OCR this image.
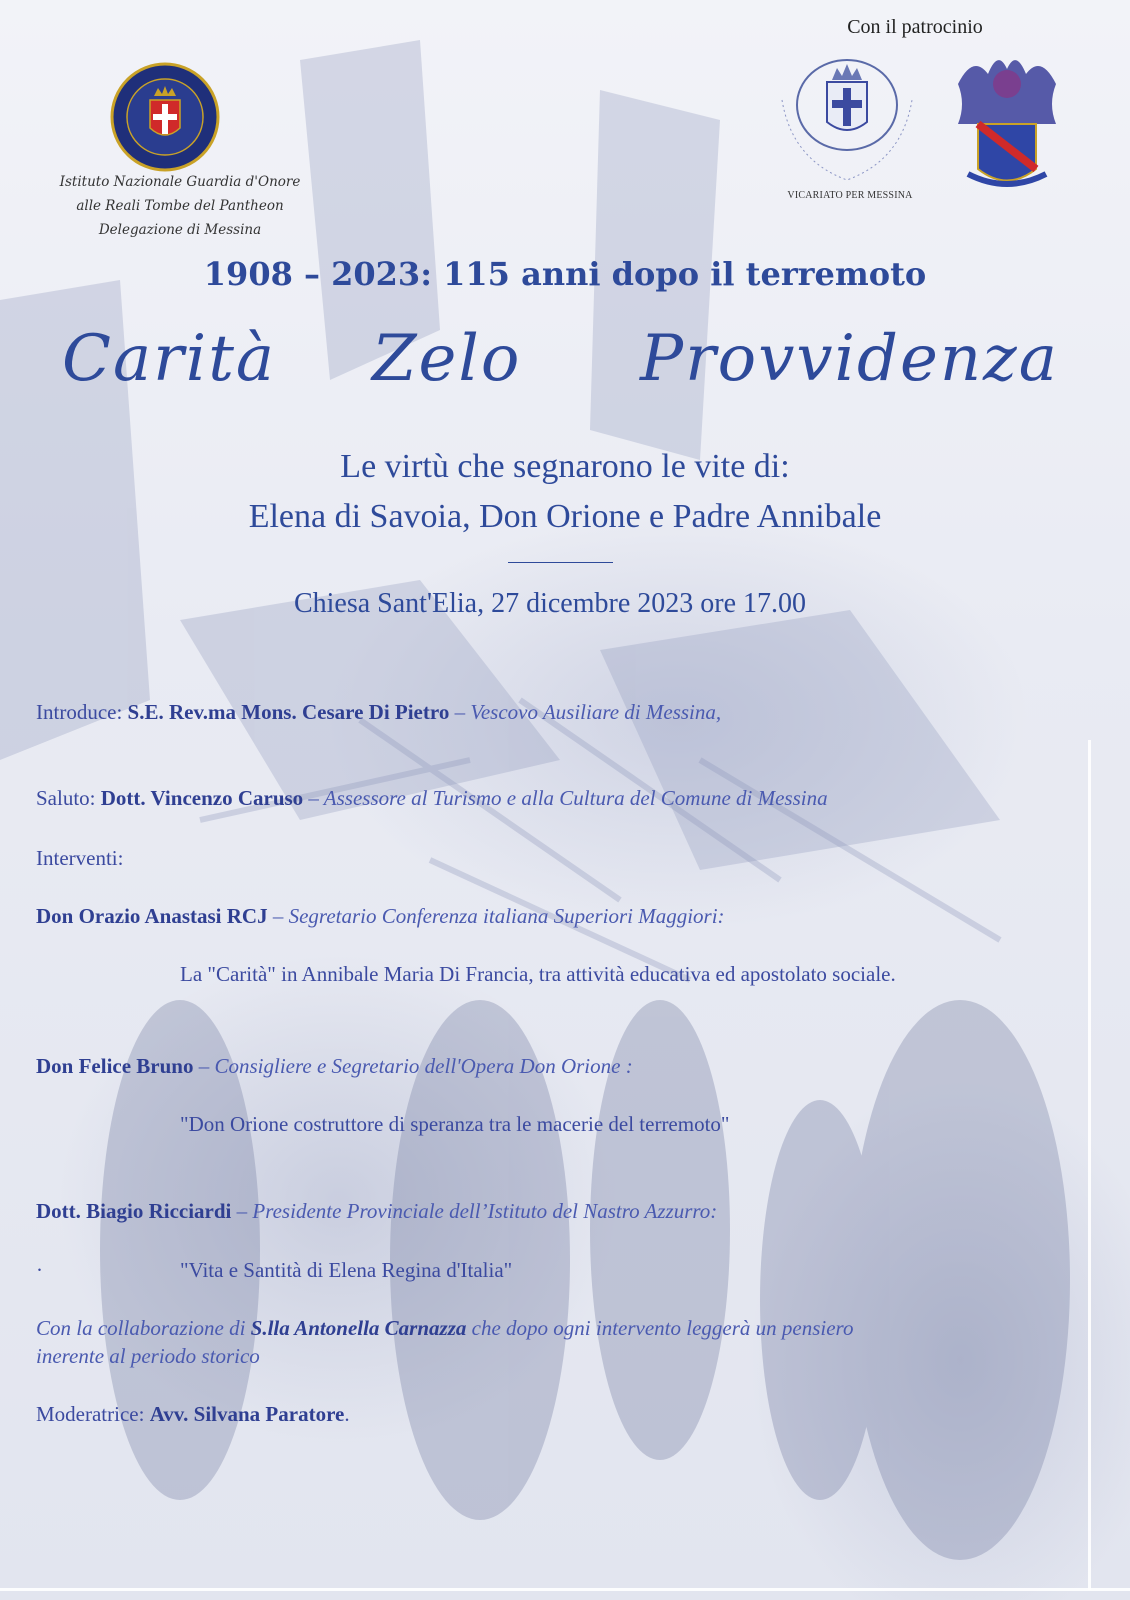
Istituto Nazionale Guardia d'Onore
alle Reali Tombe del Pantheon
Delegazione di Messina
Con il patrocinio
VICARIATO PER MESSINA
1908 – 2023: 115 anni dopo il terremoto
Carità Zelo Provvidenza
Le virtù che segnarono le vite di:
Elena di Savoia, Don Orione e Padre Annibale
Chiesa Sant'Elia, 27 dicembre 2023 ore 17.00
Introduce: S.E. Rev.ma Mons. Cesare Di Pietro – Vescovo Ausiliare di Messina,
Saluto: Dott. Vincenzo Caruso – Assessore al Turismo e alla Cultura del Comune di Messina
Interventi:
Don Orazio Anastasi RCJ – Segretario Conferenza italiana Superiori Maggiori:
La "Carità" in Annibale Maria Di Francia, tra attività educativa ed apostolato sociale.
Don Felice Bruno – Consigliere e Segretario dell'Opera Don Orione :
"Don Orione costruttore di speranza tra le macerie del terremoto"
Dott. Biagio Ricciardi – Presidente Provinciale dell’Istituto del Nastro Azzurro:
·	"Vita e Santità di Elena Regina d'Italia"
Con la collaborazione di S.lla Antonella Carnazza che dopo ogni intervento leggerà un pensiero
inerente al periodo storico
Moderatrice: Avv. Silvana Paratore.
